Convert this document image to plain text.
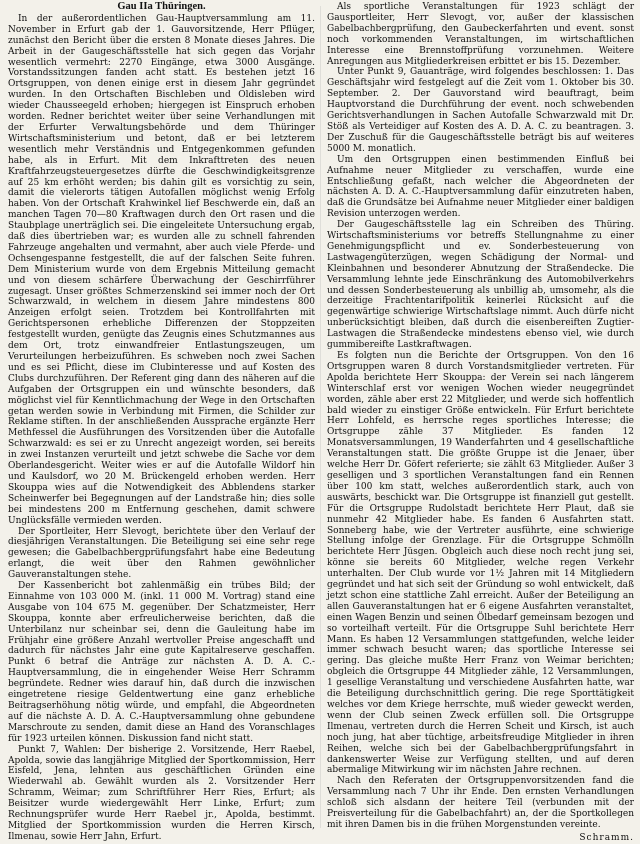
Gau IIa Thüringen.

In der außerordentlichen Gau-Hauptversammlung am 11. November in Erfurt gab der 1. Gauvorsitzende, Herr Pflüger, zunächst den Bericht über die ersten 8 Monate dieses Jahres. Die Arbeit in der Gaugeschäftsstelle hat sich gegen das Vorjahr wesentlich vermehrt: 2270 Eingänge, etwa 3000 Ausgänge. Vorstandssitzungen fanden acht statt. Es bestehen jetzt 16 Ortsgruppen, von denen einige erst in diesem Jahr gegründet wurden. In den Ortschaften Bischleben und Oldisleben wird wieder Chausseegeld erhoben; hiergegen ist Einspruch erhoben worden. Redner berichtet weiter über seine Verhandlungen mit der Erfurter Verwaltungsbehörde und dem Thüringer Wirtschaftsministerium und betont, daß er bei letzterem wesentlich mehr Verständnis und Entgegenkommen gefunden habe, als in Erfurt. Mit dem Inkrafttreten des neuen Kraftfahrzeugsteuergesetzes dürfte die Geschwindigkeitsgrenze auf 25 km erhöht werden; bis dahin gilt es vorsichtig zu sein, damit die vielerorts tätigen Autofallen möglichst wenig Erfolg haben. Von der Ortschaft Krahwinkel lief Beschwerde ein, daß an manchen Tagen 70—80 Kraftwagen durch den Ort rasen und die Staubplage unerträglich sei. Die eingeleitete Untersuchung ergab, daß dies übertrieben war; es wurden alle zu schnell fahrenden Fahrzeuge angehalten und vermahnt, aber auch viele Pferde- und Ochsengespanne festgestellt, die auf der falschen Seite fuhren. Dem Ministerium wurde von dem Ergebnis Mitteilung gemacht und von diesem schärfere Überwachung der Geschirrführer zugesagt. Unser größtes Schmerzenskind sei immer noch der Ort Schwarzwald, in welchem in diesem Jahre mindestens 800 Anzeigen erfolgt seien. Trotzdem bei Kontrollfahrten mit Gerichtspersonen erhebliche Differenzen der Stoppzeiten festgestellt wurden, genügte das Zeugnis eines Schutzmannes aus dem Ort, trotz einwandfreier Entlastungszeugen, um Verurteilungen herbeizuführen. Es schweben noch zwei Sachen und es sei Pflicht, diese im Clubinteresse und auf Kosten des Clubs durchzuführen. Der Referent ging dann des näheren auf die Aufgaben der Ortsgruppen ein und wünschte besonders, daß möglichst viel für Kenntlichmachung der Wege in den Ortschaften getan werden sowie in Verbindung mit Firmen, die Schilder zur Reklame stiften. In der anschließenden Aussprache ergänzte Herr Methfessel die Ausführungen des Vorsitzenden über die Autofalle Schwarzwald: es sei er zu Unrecht angezeigt worden, sei bereits in zwei Instanzen verurteilt und jetzt schwebe die Sache vor dem Oberlandesgericht. Weiter wies er auf die Autofalle Wildorf hin und Kaulsdorf, wo 20 M. Brückengeld erhoben werden. Herr Skouppa wies auf die Notwendigkeit des Abblendens starker Scheinwerfer bei Begegnungen auf der Landstraße hin; dies solle bei mindestens 200 m Entfernung geschehen, damit schwere Unglücksfälle vermieden werden.

Der Sportleiter, Herr Slevogt, berichtete über den Verlauf der diesjährigen Veranstaltungen. Die Beteiligung sei eine sehr rege gewesen; die Gabelbachbergprüfungsfahrt habe eine Bedeutung erlangt, die weit über den Rahmen gewöhnlicher Gauveranstaltungen stehe.

Der Kassenbericht bot zahlenmäßig ein trübes Bild; der Einnahme von 103 000 M. (inkl. 11 000 M. Vortrag) stand eine Ausgabe von 104 675 M. gegenüber. Der Schatzmeister, Herr Skouppa, konnte aber erfreulicherweise berichten, daß die Unterbilanz nur scheinbar sei, denn die Gauleitung habe im Frühjahr eine größere Anzahl wertvoller Preise angeschafft und dadurch für nächstes Jahr eine gute Kapitalreserve geschaffen. Punkt 6 betraf die Anträge zur nächsten A. D. A. C.-Hauptversammlung, die in eingehender Weise Herr Schramm begründete. Redner wies darauf hin, daß durch die inzwischen eingetretene riesige Geldentwertung eine ganz erhebliche Beitragserhöhung nötig würde, und empfahl, die Abgeordneten auf die nächste A. D. A. C.-Hauptversammlung ohne gebundene Marschroute zu senden, damit diese an Hand des Voranschlages für 1923 urteilen können. Diskussion fand nicht statt.

Punkt 7, Wahlen: Der bisherige 2. Vorsitzende, Herr Raebel, Apolda, sowie das langjährige Mitglied der Sportkommission, Herr Eisfeld, Jena, lehnten aus geschäftlichen Gründen eine Wiederwahl ab. Gewählt wurden als 2. Vorsitzender Herr Schramm, Weimar; zum Schriftführer Herr Ries, Erfurt; als Beisitzer wurde wiedergewählt Herr Linke, Erfurt; zum Rechnungsprüfer wurde Herr Raebel jr., Apolda, bestimmt. Mitglied der Sportkommission wurden die Herren Kirsch, Ilmenau, sowie Herr Jahn, Erfurt.

Als sportliche Veranstaltungen für 1923 schlägt der Gausportleiter, Herr Slevogt, vor, außer der klassischen Gabelbachbergprüfung, den Gaubeckerfahrten und event. sonst noch vorkommenden Veranstaltungen, im wirtschaftlichen Interesse eine Brennstoffprüfung vorzunehmen. Weitere Anregungen aus Mitgliederkreisen erbittet er bis 15. Dezember.

Unter Punkt 9, Gauanträge, wird folgendes beschlossen: 1. Das Geschäftsjahr wird festgelegt auf die Zeit vom 1. Oktober bis 30. September. 2. Der Gauvorstand wird beauftragt, beim Hauptvorstand die Durchführung der event. noch schwebenden Gerichtsverhandlungen in Sachen Autofalle Schwarzwald mit Dr. Stöß als Verteidiger auf Kosten des A. D. A. C. zu beantragen. 3. Der Zuschuß für die Gaugeschäftsstelle beträgt bis auf weiteres 5000 M. monatlich.

Um den Ortsgruppen einen bestimmenden Einfluß bei Aufnahme neuer Mitglieder zu verschaffen, wurde eine Entschließung gefaßt, nach welcher die Abgeordneten der nächsten A. D. A. C.-Hauptversammlung dafür einzutreten haben, daß die Grundsätze bei Aufnahme neuer Mitglieder einer baldigen Revision unterzogen werden.

Der Gaugeschäftsstelle lag ein Schreiben des Thüring. Wirtschaftsministeriums vor betreffs Stellungnahme zu einer Genehmigungspflicht und ev. Sonderbesteuerung von Lastwagengüterzügen, wegen Schädigung der Normal- und Kleinbahnen und besonderer Abnutzung der Straßendecke. Die Versammlung lehnte jede Einschränkung des Automobilverkehrs und dessen Sonderbesteuerung als unbillig ab, umsomehr, als die derzeitige Frachtentarifpolitik keinerlei Rücksicht auf die gegenwärtige schwierige Wirtschaftslage nimmt. Auch dürfe nicht unberücksichtigt bleiben, daß durch die eisenbereiften Zugtier-Lastwagen die Straßendecke mindestens ebenso viel, wie durch gummibereifte Lastkraftwagen.

Es folgten nun die Berichte der Ortsgruppen. Von den 16 Ortsgruppen waren 8 durch Vorstandsmitglieder vertreten. Für Apolda berichtete Herr Skouppa: der Verein sei nach längerem Winterschlaf erst vor wenigen Wochen wieder neugegründet worden, zähle aber erst 22 Mitglieder, und werde sich hoffentlich bald wieder zu einstiger Größe entwickeln. Für Erfurt berichtete Herr Lohfeld, es herrsche reges sportliches Interesse; die Ortsgruppe zähle 37 Mitglieder. Es fanden 12 Monatsversammlungen, 19 Wanderfahrten und 4 gesellschaftliche Veranstaltungen statt. Die größte Gruppe ist die Jenaer, über welche Herr Dr. Göfert referierte; sie zählt 63 Mitglieder. Außer 3 geselligen und 3 sportlichen Veranstaltungen fand ein Rennen über 100 km statt, welches außerordentlich stark, auch von auswärts, beschickt war. Die Ortsgruppe ist finanziell gut gestellt. Für die Ortsgruppe Rudolstadt berichtete Herr Plaut, daß sie nunmehr 42 Mitglieder habe. Es fanden 6 Ausfahrten statt. Sonneberg habe, wie der Vertreter ausführte, eine schwierige Stellung infolge der Grenzlage. Für die Ortsgruppe Schmölln berichtete Herr Jüsgen. Obgleich auch diese noch recht jung sei, könne sie bereits 60 Mitglieder, welche regen Verkehr unterhalten. Der Club wurde vor 1½ Jahren mit 14 Mitgliedern gegründet und hat sich seit der Gründung so wohl entwickelt, daß jetzt schon eine stattliche Zahl erreicht. Außer der Beteiligung an allen Gauveranstaltungen hat er 6 eigene Ausfahrten veranstaltet, einen Wagen Benzin und seinen Ölbedarf gemeinsam bezogen und so vorteilhaft verteilt. Für die Ortsgruppe Suhl berichtete Herr Mann. Es haben 12 Versammlungen stattgefunden, welche leider immer schwach besucht waren; das sportliche Interesse sei gering. Das gleiche mußte Herr Franz von Weimar berichten; obgleich die Ortsgruppe 44 Mitglieder zähle, 12 Versammlungen, 1 gesellige Veranstaltung und verschiedene Ausfahrten hatte, war die Beteiligung durchschnittlich gering. Die rege Sporttätigkeit welches vor dem Kriege herrschte, muß wieder geweckt werden, wenn der Club seinen Zweck erfüllen soll. Die Ortsgruppe Ilmenau, vertreten durch die Herren Scheit und Kirsch, ist auch noch jung, hat aber tüchtige, arbeitsfreudige Mitglieder in ihren Reihen, welche sich bei der Gabelbachbergprüfungsfahrt in dankenswerter Weise zur Verfügung stellten, und auf deren abermalige Mitwirkung wir im nächsten Jahre rechnen.

Nach den Referaten der Ortsgruppenvorsitzenden fand die Versammlung nach 7 Uhr ihr Ende. Den ernsten Verhandlungen schloß sich alsdann der heitere Teil (verbunden mit der Preisverteilung für die Gabelbachfahrt) an, der die Sportkollegen mit ihren Damen bis in die frühen Morgenstunden vereinte.

Schramm.
